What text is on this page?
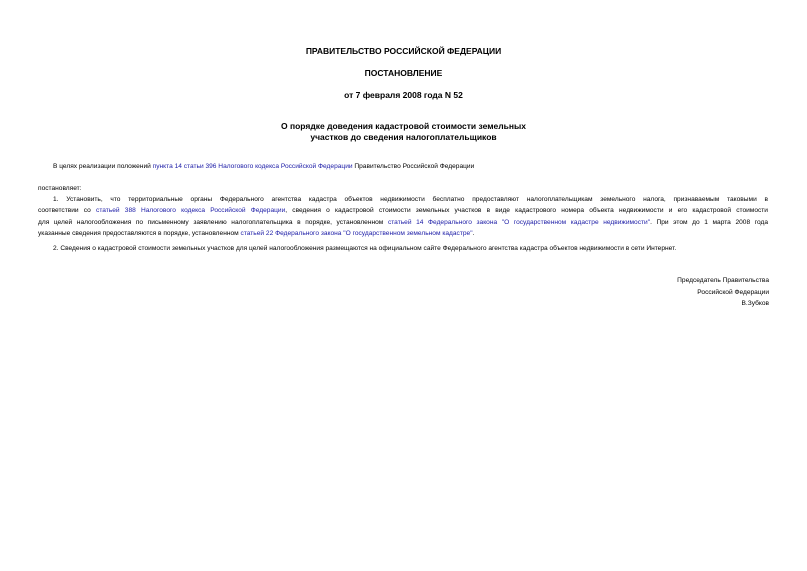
ПРАВИТЕЛЬСТВО РОССИЙСКОЙ ФЕДЕРАЦИИ
ПОСТАНОВЛЕНИЕ
от 7 февраля 2008 года N 52
О порядке доведения кадастровой стоимости земельных
участков до сведения налогоплательщиков
В целях реализации положений пункта 14 статьи 396 Налогового кодекса Российской Федерации Правительство Российской Федерации
постановляет:
1. Установить, что территориальные органы Федерального агентства кадастра объектов недвижимости бесплатно предоставляют налогоплательщикам земельного налога, признаваемым таковыми в
соответствии со статьей 388 Налогового кодекса Российской Федерации, сведения о кадастровой стоимости земельных участков в виде кадастрового номера объекта недвижимости и его кадастровой стоимости
для целей налогообложения по письменному заявлению налогоплательщика в порядке, установленном статьей 14 Федерального закона "О государственном кадастре недвижимости". При этом до 1 марта 2008 года
указанные сведения предоставляются в порядке, установленном статьей 22 Федерального закона "О государственном земельном кадастре".
2. Сведения о кадастровой стоимости земельных участков для целей налогообложения размещаются на официальном сайте Федерального агентства кадастра объектов недвижимости в сети Интернет.
Председатель Правительства
Российской Федерации
В.Зубков
